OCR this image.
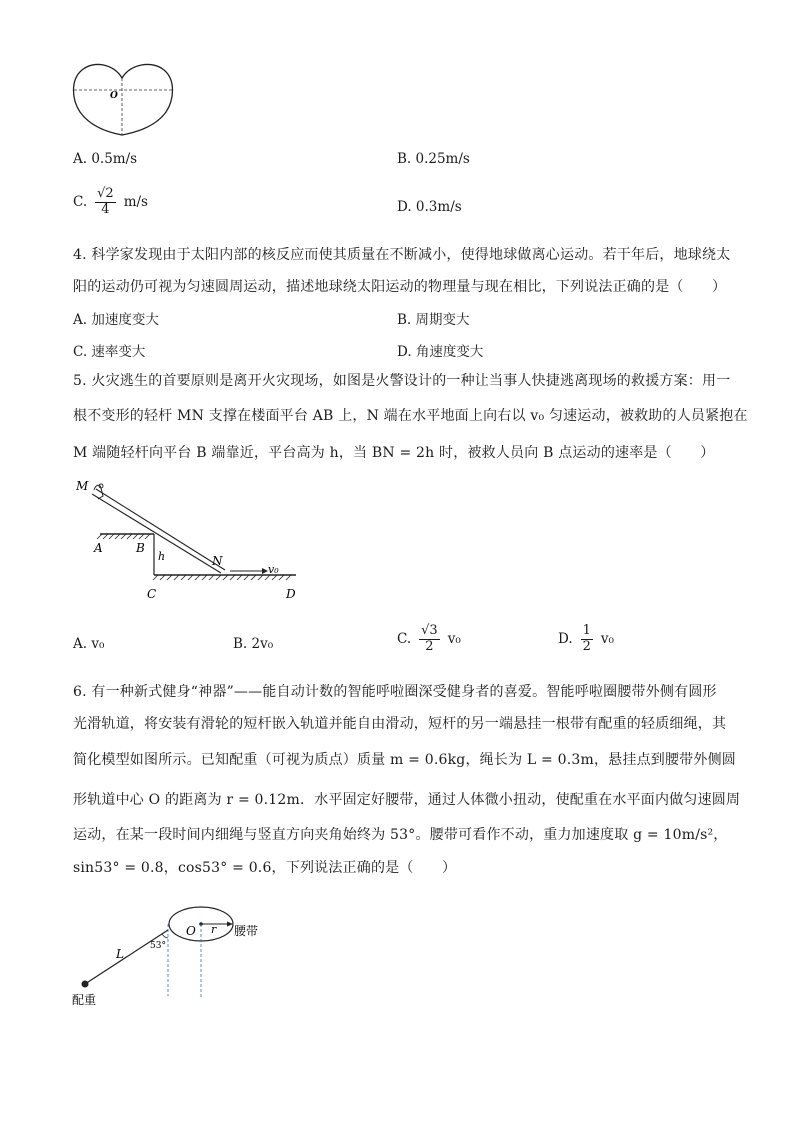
O
A. 0.5m/s	B. 0.25m/s
C. $\frac{√2}{4} m/s$	D. 0.3m/s
4. 科学家发现由于太阳内部的核反应而使其质量在不断减小，使得地球做离心运动。若干年后，地球绕太
阳的运动仍可视为匀速圆周运动，描述地球绕太阳运动的物理量与现在相比，下列说法正确的是（　　）
A. 加速度变大	B. 周期变大
C. 速率变大	D. 角速度变大
5. 火灾逃生的首要原则是离开火灾现场，如图是火警设计的一种让当事人快捷逃离现场的救援方案：用一
根不变形的轻杆 MN 支撑在楼面平台 AB 上，N 端在水平地面上向右以 v₀ 匀速运动，被救助的人员紧抱在
M 端随轻杆向平台 B 端靠近，平台高为 h，当 BN = 2h 时，被救人员向 B 点运动的速率是（　　）
M
A	B
h	N
v₀
C	D
A. v₀	B. 2v₀	C. $\frac{√3}{2} v_0$	D. $\frac{1}{2} v_0$
6. 有一种新式健身“神器”——能自动计数的智能呼啦圈深受健身者的喜爱。智能呼啦圈腰带外侧有圆形
光滑轨道，将安装有滑轮的短杆嵌入轨道并能自由滑动，短杆的另一端悬挂一根带有配重的轻质细绳，其
简化模型如图所示。已知配重（可视为质点）质量 m = 0.6kg，绳长为 L = 0.3m，悬挂点到腰带外侧圆
形轨道中心 O 的距离为 r = 0.12m．水平固定好腰带，通过人体微小扭动，使配重在水平面内做匀速圆周
运动，在某一段时间内细绳与竖直方向夹角始终为 53°。腰带可看作不动，重力加速度取 g = 10m/s²，
sin53° = 0.8，cos53° = 0.6，下列说法正确的是（　　）
O r 腰带
L
53°
配重
